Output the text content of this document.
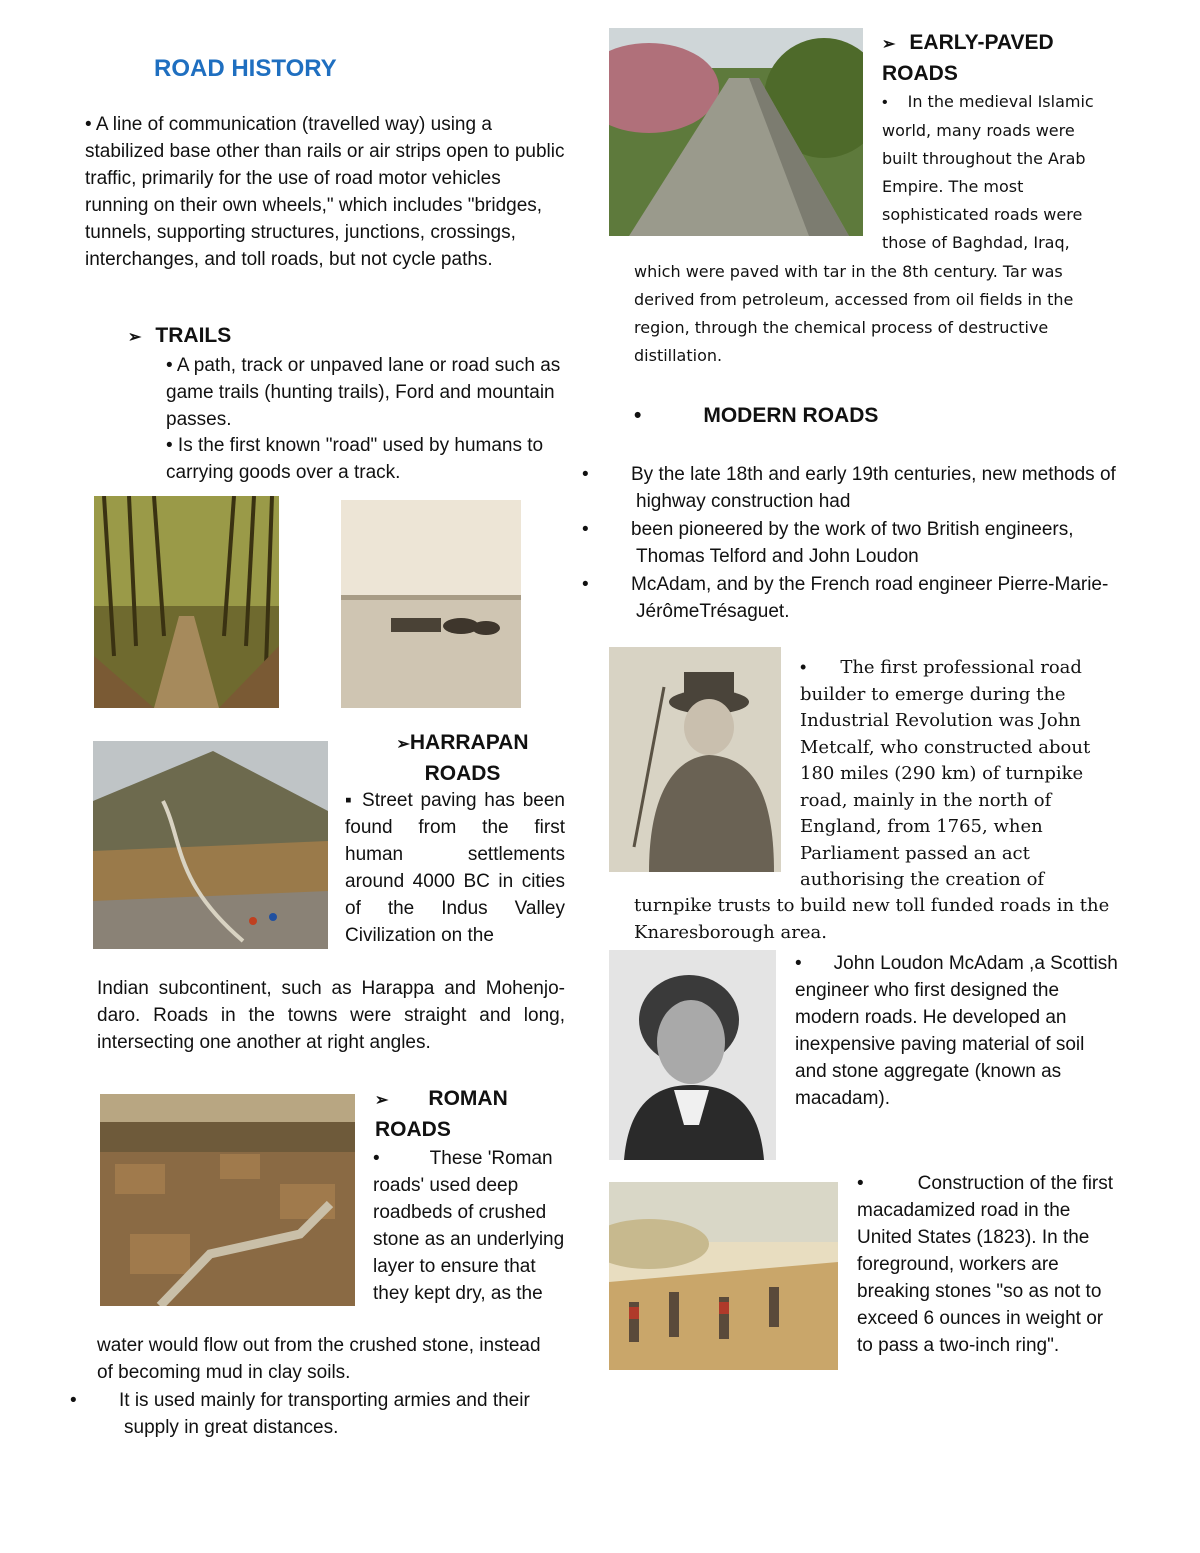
ROAD HISTORY

• A line of communication (travelled way) using a stabilized base other than rails or air strips open to public traffic, primarily for the use of road motor vehicles running on their own wheels," which includes "bridges, tunnels, supporting structures, junctions, crossings, interchanges, and toll roads, but not cycle paths.

➢ TRAILS

• A path, track or unpaved lane or road such as game trails (hunting trails), Ford and mountain passes.

• Is the first known "road" used by humans to carrying goods over a track.

➢HARRAPAN
ROADS

▪ Street paving has been found from the first human settlements around 4000 BC in cities of the Indus Valley Civilization on the

Indian subcontinent, such as Harappa and Mohenjo-daro. Roads in the towns were straight and long, intersecting one another at right angles.

➢ ROMAN
ROADS

•	These 'Roman roads' used deep roadbeds of crushed stone as an underlying layer to ensure that they kept dry, as the

water would flow out from the crushed stone, instead of becoming mud in clay soils.

• It is used mainly for transporting armies and their supply in great distances.

➢ EARLY-PAVED
ROADS

• In the medieval Islamic world, many roads were built throughout the Arab Empire. The most sophisticated roads were those of Baghdad, Iraq,

which were paved with tar in the 8th century. Tar was derived from petroleum, accessed from oil fields in the region, through the chemical process of destructive distillation.

•	MODERN ROADS

• By the late 18th and early 19th centuries, new methods of highway construction had

• been pioneered by the work of two British engineers, Thomas Telford and John Loudon

• McAdam, and by the French road engineer Pierre-Marie-JérômeTrésaguet.

• The first professional road builder to emerge during the Industrial Revolution was John Metcalf, who constructed about 180 miles (290 km) of turnpike road, mainly in the north of England, from 1765, when Parliament passed an act authorising the creation of

turnpike trusts to build new toll funded roads in the Knaresborough area.

• John Loudon McAdam ,a Scottish engineer who first designed the modern roads. He developed an inexpensive paving material of soil and stone aggregate (known as macadam).

•	Construction of the first macadamized road in the United States (1823). In the foreground, workers are breaking stones "so as not to exceed 6 ounces in weight or to pass a two-inch ring".
